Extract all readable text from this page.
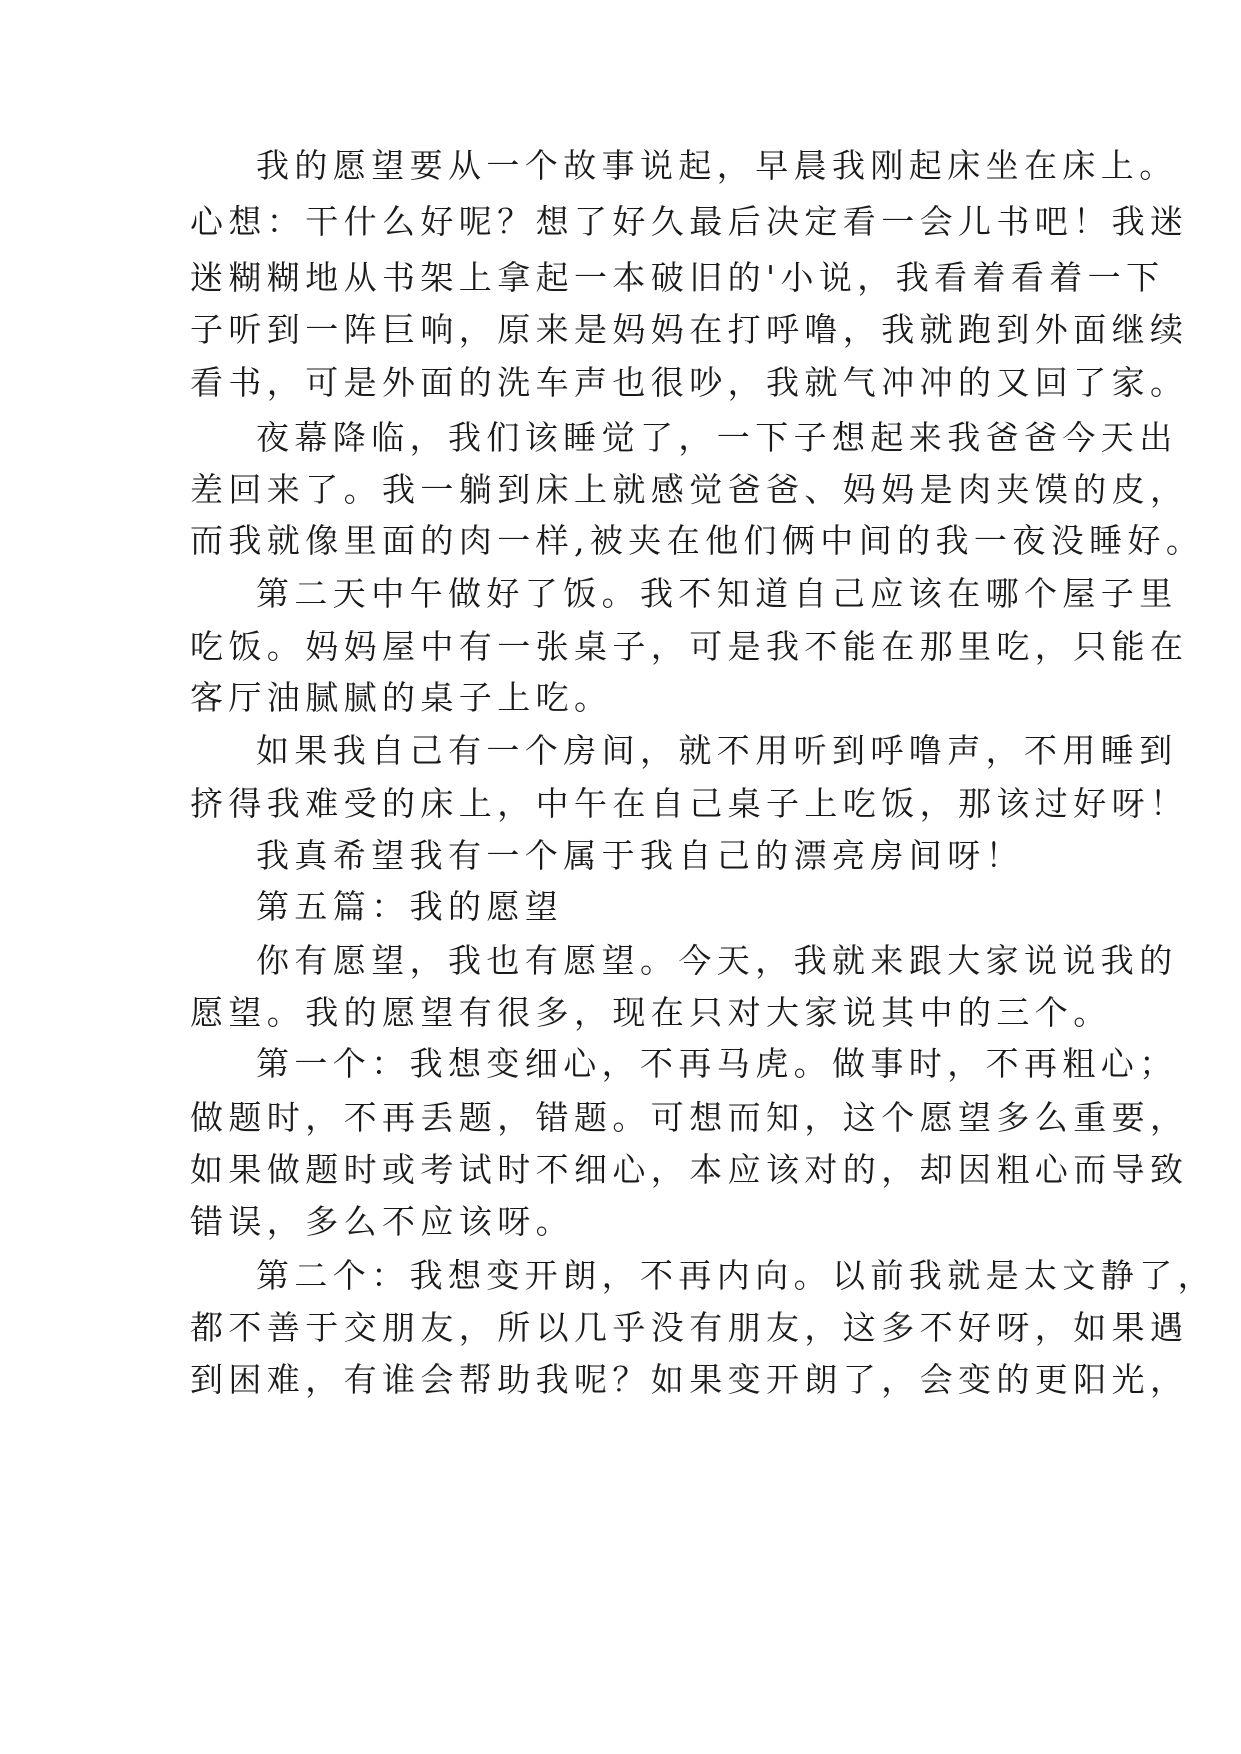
我的愿望要从一个故事说起，早晨我刚起床坐在床上。
心想：干什么好呢？想了好久最后决定看一会儿书吧！我迷
迷糊糊地从书架上拿起一本破旧的'小说，我看着看着一下
子听到一阵巨响，原来是妈妈在打呼噜，我就跑到外面继续
看书，可是外面的洗车声也很吵，我就气冲冲的又回了家。
夜幕降临，我们该睡觉了，一下子想起来我爸爸今天出
差回来了。我一躺到床上就感觉爸爸、妈妈是肉夹馍的皮，
而我就像里面的肉一样,被夹在他们俩中间的我一夜没睡好。
第二天中午做好了饭。我不知道自己应该在哪个屋子里
吃饭。妈妈屋中有一张桌子，可是我不能在那里吃，只能在
客厅油腻腻的桌子上吃。
如果我自己有一个房间，就不用听到呼噜声，不用睡到
挤得我难受的床上，中午在自己桌子上吃饭，那该过好呀！
我真希望我有一个属于我自己的漂亮房间呀！
第五篇：我的愿望
你有愿望，我也有愿望。今天，我就来跟大家说说我的
愿望。我的愿望有很多，现在只对大家说其中的三个。
第一个：我想变细心，不再马虎。做事时，不再粗心；
做题时，不再丢题，错题。可想而知，这个愿望多么重要，
如果做题时或考试时不细心，本应该对的，却因粗心而导致
错误，多么不应该呀。
第二个：我想变开朗，不再内向。以前我就是太文静了，
都不善于交朋友，所以几乎没有朋友，这多不好呀，如果遇
到困难，有谁会帮助我呢？如果变开朗了，会变的更阳光，
